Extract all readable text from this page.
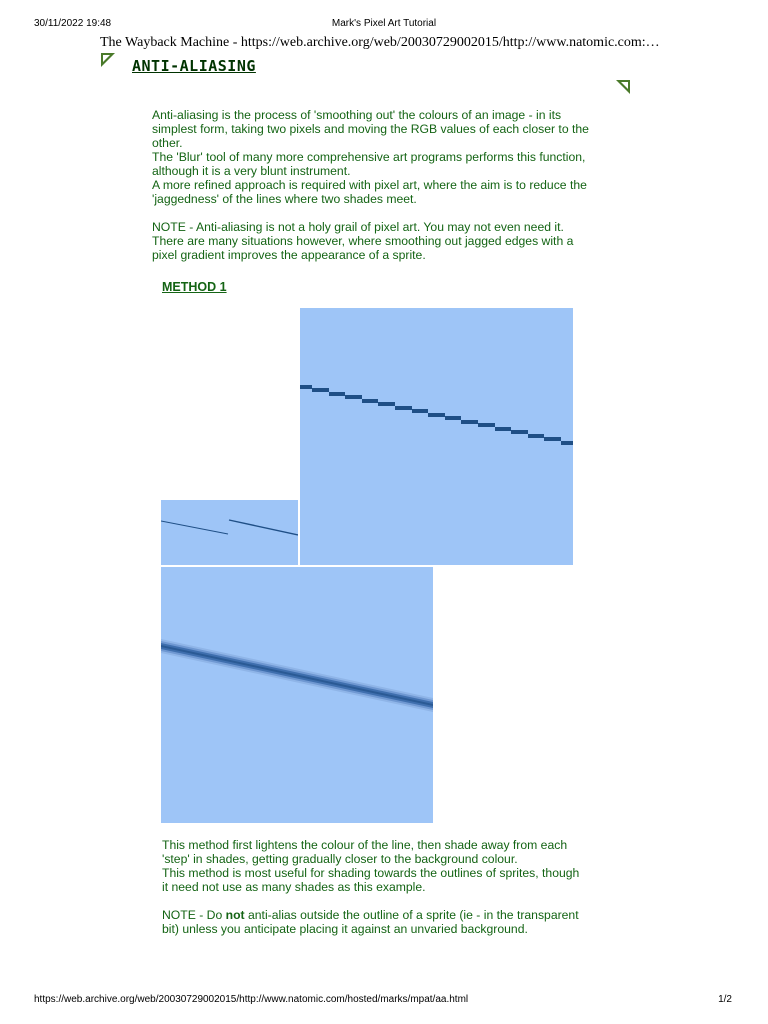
30/11/2022 19:48	Mark's Pixel Art Tutorial
The Wayback Machine - https://web.archive.org/web/20030729002015/http://www.natomic.com:…
ANTI-ALIASING

Anti-aliasing is the process of 'smoothing out' the colours of an image - in its
simplest form, taking two pixels and moving the RGB values of each closer to the
other.
The 'Blur' tool of many more comprehensive art programs performs this function,
although it is a very blunt instrument.
A more refined approach is required with pixel art, where the aim is to reduce the
'jaggedness' of the lines where two shades meet.

NOTE - Anti-aliasing is not a holy grail of pixel art. You may not even need it.
There are many situations however, where smoothing out jagged edges with a
pixel gradient improves the appearance of a sprite.

METHOD 1

This method first lightens the colour of the line, then shade away from each
'step' in shades, getting gradually closer to the background colour.
This method is most useful for shading towards the outlines of sprites, though
it need not use as many shades as this example.

NOTE - Do not anti-alias outside the outline of a sprite (ie - in the transparent
bit) unless you anticipate placing it against an unvaried background.

https://web.archive.org/web/20030729002015/http://www.natomic.com/hosted/marks/mpat/aa.html	1/2
